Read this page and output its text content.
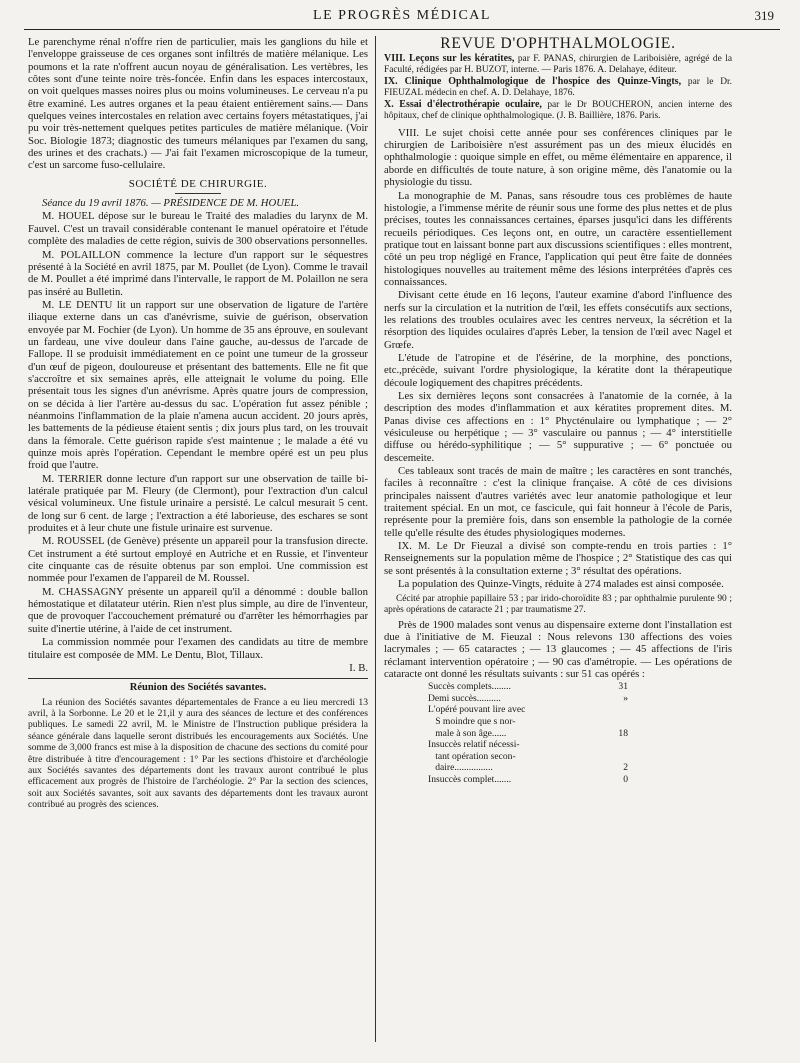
LE PROGRÈS MÉDICAL	319

Le parenchyme rénal n'offre rien de particulier, mais les ganglions du hile et l'enveloppe graisseuse de ces organes sont infiltrés de matière mélanique. Les poumons et la rate n'offrent aucun noyau de généralisation. Les vertèbres, les côtes sont d'une teinte noire très-foncée. Enfin dans les espaces intercostaux, on voit quelques masses noires plus ou moins volumineuses. Le cerveau n'a pu être examiné. Les autres organes et la peau étaient entièrement sains.— Dans quelques veines intercostales en relation avec certains foyers métastatiques, j'ai pu voir très-nettement quelques petites particules de matière mélanique. (Voir Soc. Biologie 1873; diagnostic des tumeurs mélaniques par l'examen du sang, des urines et des crachats.) — J'ai fait l'examen microscopique de la tumeur, c'est un sarcome fuso-cellulaire.

SOCIÉTÉ DE CHIRURGIE.

Séance du 19 avril 1876. — PRÉSIDENCE DE M. HOUEL.

M. HOUEL dépose sur le bureau le Traité des maladies du larynx de M. Fauvel. C'est un travail considérable contenant le manuel opératoire et l'étude complète des maladies de cette région, suivis de 300 observations personnelles.

M. POLAILLON commence la lecture d'un rapport sur le séquestres présenté à la Société en avril 1875, par M. Poullet (de Lyon). Comme le travail de M. Poullet a été imprimé dans l'intervalle, le rapport de M. Polaillon ne sera pas inséré au Bulletin.

M. LE DENTU lit un rapport sur une observation de ligature de l'artère iliaque externe dans un cas d'anévrisme, suivie de guérison, observation envoyée par M. Fochier (de Lyon). Un homme de 35 ans éprouve, en soulevant un fardeau, une vive douleur dans l'aine gauche, au-dessus de l'arcade de Fallope. Il se produisit immédiatement en ce point une tumeur de la grosseur d'un œuf de pigeon, douloureuse et présentant des battements. Elle ne fit que s'accroître et six semaines après, elle atteignait le volume du poing. Elle présentait tous les signes d'un anévrisme. Après quatre jours de compression, on se décida à lier l'artère au-dessus du sac. L'opération fut assez pénible ; néanmoins l'inflammation de la plaie n'amena aucun accident. 20 jours après, les battements de la pédieuse étaient sentis ; dix jours plus tard, on les trouvait dans la fémorale. Cette guérison rapide s'est maintenue ; le malade a été vu quinze mois après l'opération. Cependant le membre opéré est un peu plus froid que l'autre.

M. TERRIER donne lecture d'un rapport sur une observation de taille bi-latérale pratiquée par M. Fleury (de Clermont), pour l'extraction d'un calcul vésical volumineux. Une fistule urinaire a persisté. Le calcul mesurait 5 cent. de long sur 6 cent. de large ; l'extraction a été laborieuse, des eschares se sont produites et à leur chute une fistule urinaire est survenue.

M. ROUSSEL (de Genève) présente un appareil pour la transfusion directe. Cet instrument a été surtout employé en Autriche et en Russie, et l'inventeur cite cinquante cas de résuite obtenus par son emploi. Une commission est nommée pour l'examen de l'appareil de M. Roussel.

M. CHASSAGNY présente un appareil qu'il a dénommé : double ballon hémostatique et dilatateur utérin. Rien n'est plus simple, au dire de l'inventeur, que de provoquer l'accouchement prématuré ou d'arrêter les hémorrhagies par suite d'inertie utérine, à l'aide de cet instrument.

La commission nommée pour l'examen des candidats au titre de membre titulaire est composée de MM. Le Dentu, Blot, Tillaux.

I. B.
Réunion des Sociétés savantes.

La réunion des Sociétés savantes départementales de France a eu lieu mercredi 13 avril, à la Sorbonne. Le 20 et le 21,il y aura des séances de lecture et des conférences publiques. Le samedi 22 avril, M. le Ministre de l'Instruction publique présidera la séance générale dans laquelle seront distribués les encouragements aux Sociétés. Une somme de 3,000 francs est mise à la disposition de chacune des sections du comité pour être distribuée à titre d'encouragement : 1° Par les sections d'histoire et d'archéologie aux Sociétés savantes des départements dont les travaux auront contribué le plus efficacement aux progrès de l'histoire de l'archéologie. 2° Par la section des sciences, soit aux Sociétés savantes, soit aux savants des départements dont les travaux auront contribué au progrès des sciences.

REVUE D'OPHTHALMOLOGIE.

VIII. Leçons sur les kératites, par F. PANAS, chirurgien de Lariboisière, agrégé de la Faculté, rédigées par H. BUZOT, interne. — Paris 1876. A. Delahaye, éditeur.

IX. Clinique Ophthalmologique de l'hospice des Quinze-Vingts, par le Dr. FIEUZAL médecin en chef. A. D. Delahaye, 1876.

X. Essai d'électrothérapie oculaire, par le Dr BOUCHERON, ancien interne des hôpitaux, chef de clinique ophthalmologique. (J. B. Baillière, 1876. Paris.

VIII. Le sujet choisi cette année pour ses conférences cliniques par le chirurgien de Lariboisière n'est assurément pas un des mieux élucidés en ophthalmologie : quoique simple en effet, ou même élémentaire en apparence, il aborde en difficultés de toute nature, à son origine même, dès l'anatomie ou la physiologie du tissu.

La monographie de M. Panas, sans résoudre tous ces problèmes de haute histologie, a l'immense mérite de réunir sous une forme des plus nettes et de plus précises, toutes les connaissances certaines, éparses jusqu'ici dans les différents recueils périodiques. Ces leçons ont, en outre, un caractère essentiellement pratique tout en laissant bonne part aux discussions scientifiques : elles montrent, côté un peu trop négligé en France, l'application qui peut être faite de données histologiques nouvelles au traitement même des lésions interprétées d'après ces connaissances.

Divisant cette étude en 16 leçons, l'auteur examine d'abord l'influence des nerfs sur la circulation et la nutrition de l'œil, les effets consécutifs aux sections, les relations des troubles oculaires avec les centres nerveux, la sécrétion et la résorption des liquides oculaires d'après Leber, la tension de l'œil avec Nagel et Grœfe.

L'étude de l'atropine et de l'ésérine, de la morphine, des ponctions, etc.,précède, suivant l'ordre physiologique, la kératite dont la thérapeutique découle logiquement des chapitres précédents.

Les six dernières leçons sont consacrées à l'anatomie de la cornée, à la description des modes d'inflammation et aux kératites proprement dites. M. Panas divise ces affections en : 1° Phycténulaire ou lymphatique ; — 2° vésiculeuse ou herpétique ; — 3° vasculaire ou pannus ; — 4° interstitielle diffuse ou hérédo-syphilitique ; — 5° suppurative ; — 6° ponctuée ou descemeite.

Ces tableaux sont tracés de main de maître ; les caractères en sont tranchés, faciles à reconnaître : c'est la clinique française. A côté de ces divisions principales naissent d'autres variétés avec leur anatomie pathologique et leur traitement spécial. En un mot, ce fascicule, qui fait honneur à l'école de Paris, représente pour la première fois, dans son ensemble la pathologie de la cornée telle qu'elle résulte des études physiologiques modernes.

IX. M. Le Dr Fieuzal a divisé son compte-rendu en trois parties : 1° Renseignements sur la population même de l'hospice ; 2° Statistique des cas qui se sont présentés à la consultation externe ; 3° résultat des opérations.

La population des Quinze-Vingts, réduite à 274 malades est ainsi composée.

Cécité par atrophie papillaire 53 ; par irido-choroïdite 83 ; par ophthalmie purulente 90 ; après opérations de cataracte 21 ; par traumatisme 27.

Près de 1900 malades sont venus au dispensaire externe dont l'installation est due à l'initiative de M. Fieuzal : Nous relevons 130 affections des voies lacrymales ; — 65 cataractes ; — 13 glaucomes ; — 45 affections de l'iris réclamant intervention opératoire ; — 90 cas d'amétropie. — Les opérations de cataracte ont donné les résultats suivants : sur 51 cas opérés :

Succès complets........	31
Demi succès..........	»
L'opéré pouvant lire avec
S moindre que s nor-
male à son âge......	18
Insuccès relatif nécessi-
tant opération secon-
daire................	2
Insuccès complet.......	0
